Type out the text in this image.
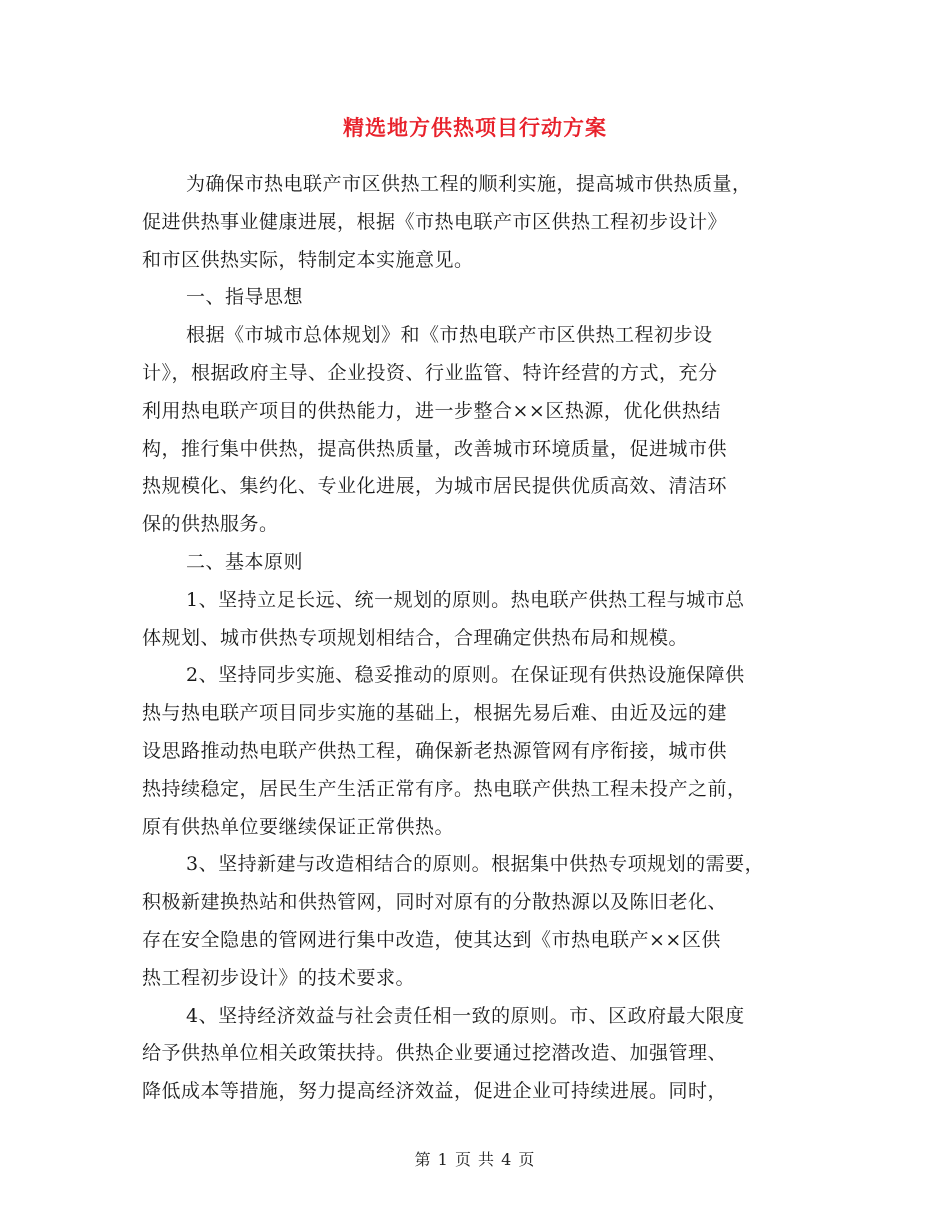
精选地方供热项目行动方案
为确保市热电联产市区供热工程的顺利实施，提高城市供热质量，
促进供热事业健康进展，根据《市热电联产市区供热工程初步设计》
和市区供热实际，特制定本实施意见。
一、指导思想
根据《市城市总体规划》和《市热电联产市区供热工程初步设
计》，根据政府主导、企业投资、行业监管、特许经营的方式，充分
利用热电联产项目的供热能力，进一步整合××区热源，优化供热结
构，推行集中供热，提高供热质量，改善城市环境质量，促进城市供
热规模化、集约化、专业化进展，为城市居民提供优质高效、清洁环
保的供热服务。
二、基本原则
1、坚持立足长远、统一规划的原则。热电联产供热工程与城市总
体规划、城市供热专项规划相结合，合理确定供热布局和规模。
2、坚持同步实施、稳妥推动的原则。在保证现有供热设施保障供
热与热电联产项目同步实施的基础上，根据先易后难、由近及远的建
设思路推动热电联产供热工程，确保新老热源管网有序衔接，城市供
热持续稳定，居民生产生活正常有序。热电联产供热工程未投产之前，
原有供热单位要继续保证正常供热。
3、坚持新建与改造相结合的原则。根据集中供热专项规划的需要，
积极新建换热站和供热管网，同时对原有的分散热源以及陈旧老化、
存在安全隐患的管网进行集中改造，使其达到《市热电联产××区供
热工程初步设计》的技术要求。
4、坚持经济效益与社会责任相一致的原则。市、区政府最大限度
给予供热单位相关政策扶持。供热企业要通过挖潜改造、加强管理、
降低成本等措施，努力提高经济效益，促进企业可持续进展。同时，
第 1 页 共 4 页
